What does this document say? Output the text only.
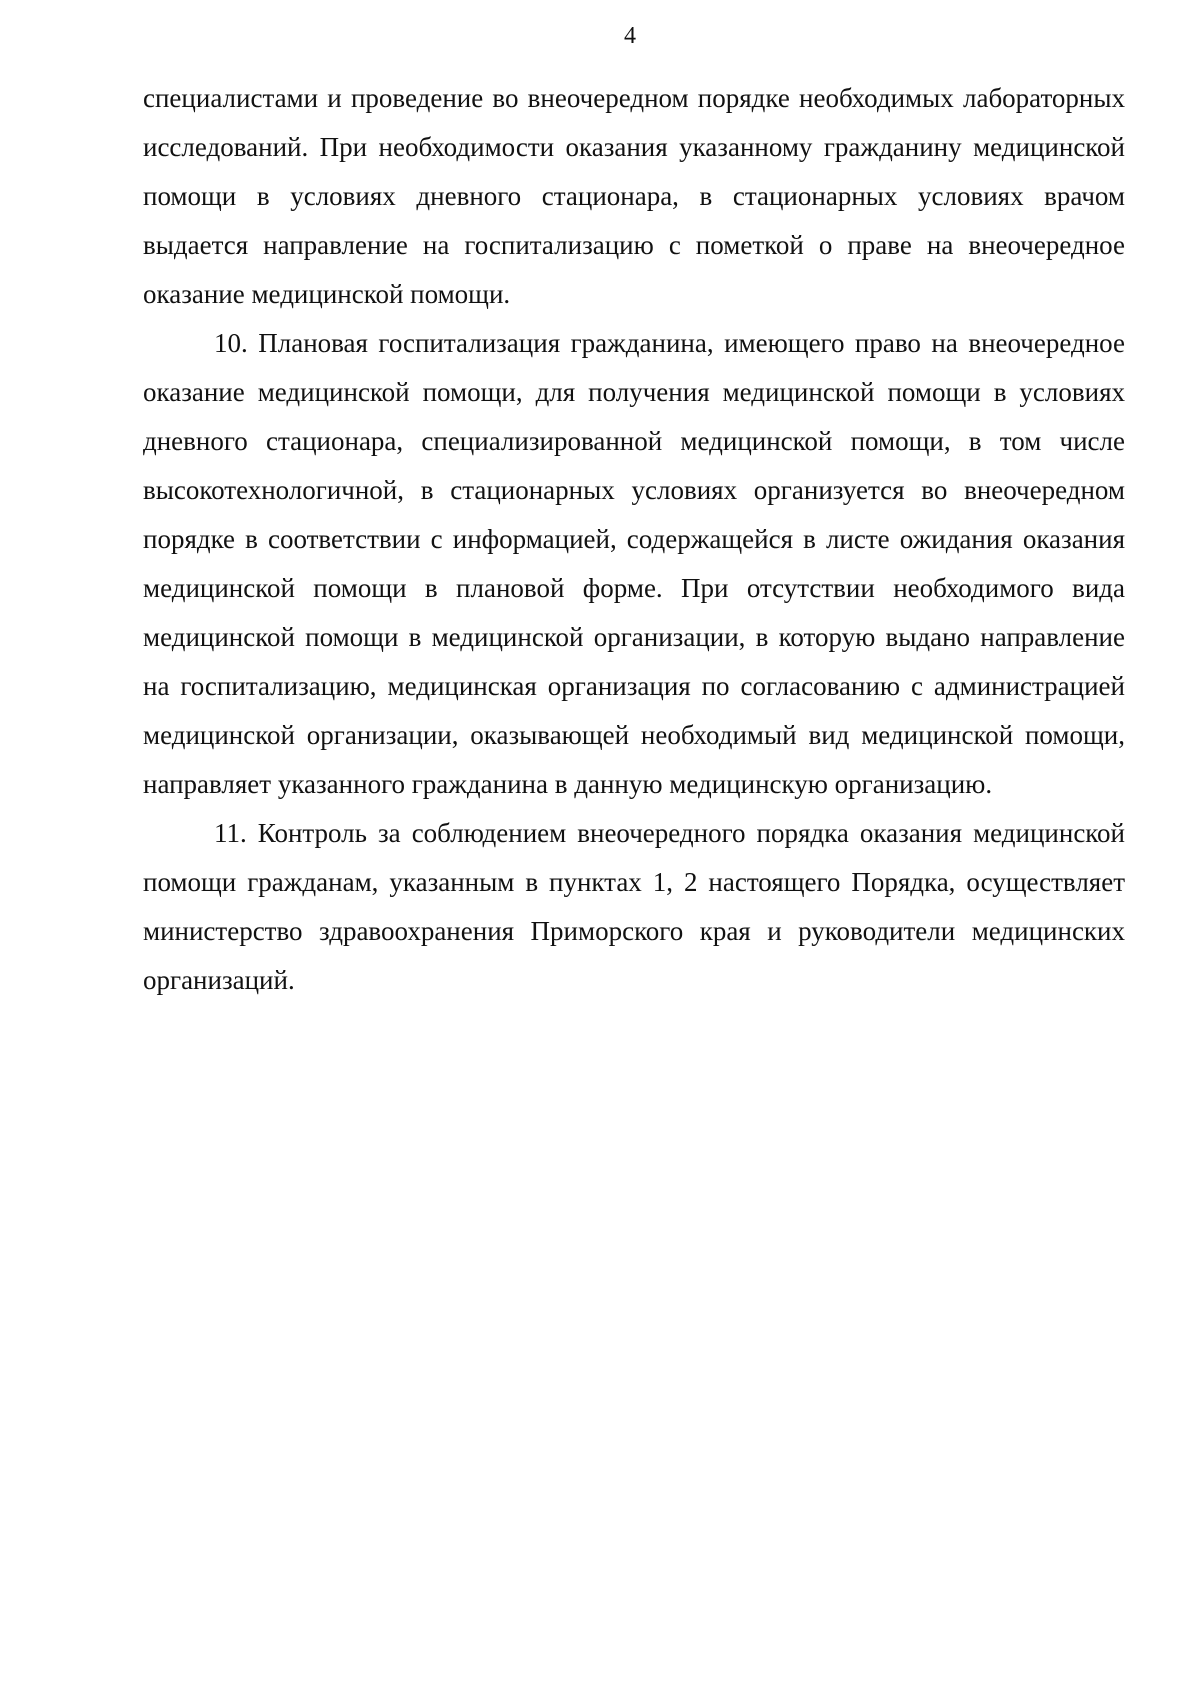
4

специалистами и проведение во внеочередном порядке необходимых лабораторных исследований. При необходимости оказания указанному гражданину медицинской помощи в условиях дневного стационара, в стационарных условиях врачом выдается направление на госпитализацию с пометкой о праве на внеочередное оказание медицинской помощи.

10. Плановая госпитализация гражданина, имеющего право на внеочередное оказание медицинской помощи, для получения медицинской помощи в условиях дневного стационара, специализированной медицинской помощи, в том числе высокотехнологичной, в стационарных условиях организуется во внеочередном порядке в соответствии с информацией, содержащейся в листе ожидания оказания медицинской помощи в плановой форме. При отсутствии необходимого вида медицинской помощи в медицинской организации, в которую выдано направление на госпитализацию, медицинская организация по согласованию с администрацией медицинской организации, оказывающей необходимый вид медицинской помощи, направляет указанного гражданина в данную медицинскую организацию.

11. Контроль за соблюдением внеочередного порядка оказания медицинской помощи гражданам, указанным в пунктах 1, 2 настоящего Порядка, осуществляет министерство здравоохранения Приморского края и руководители медицинских организаций.
